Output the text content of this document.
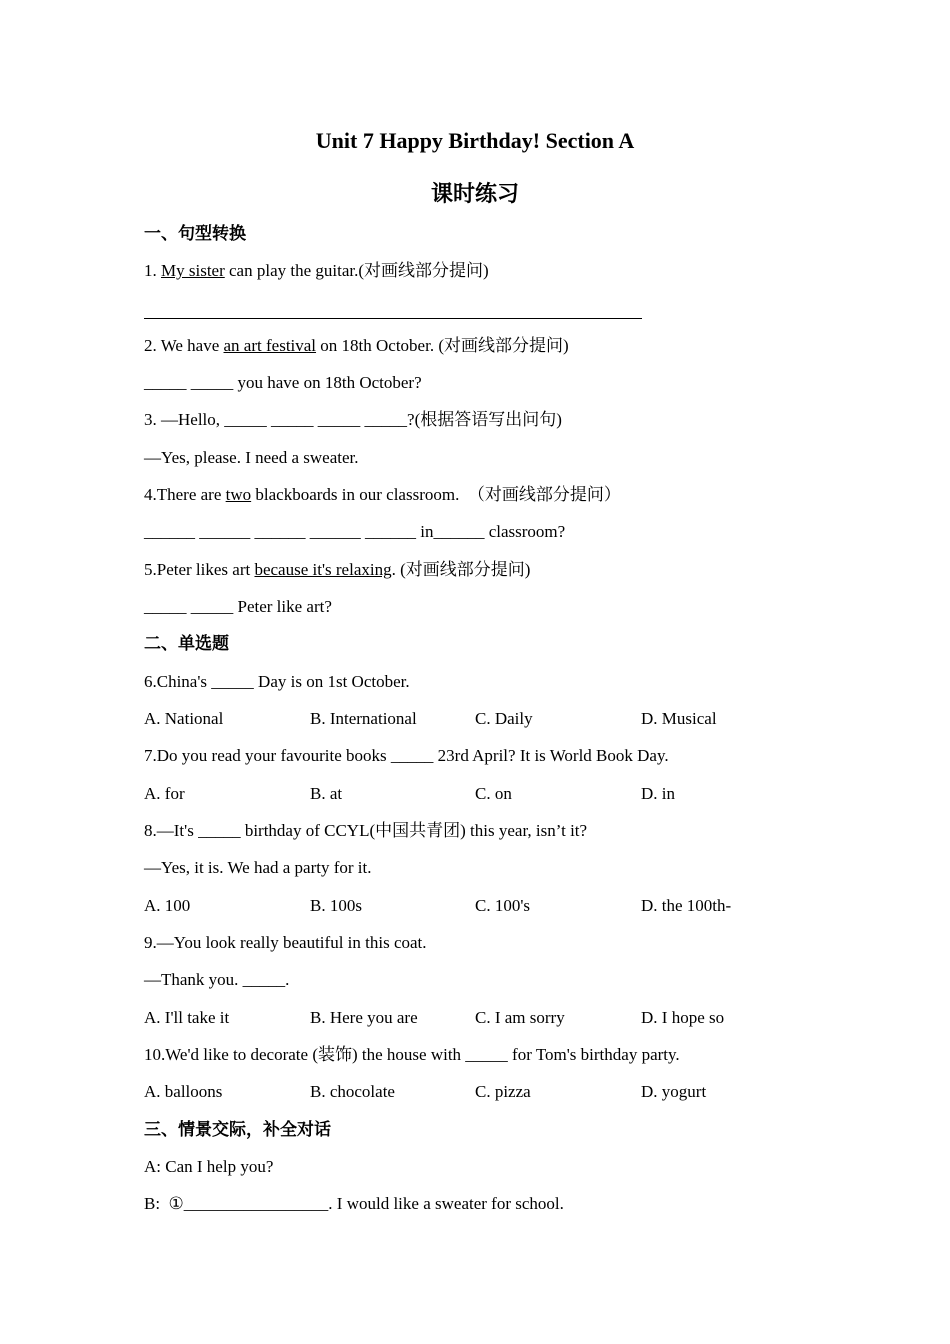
Unit 7 Happy Birthday! Section A
课时练习
一、句型转换
1. My sister can play the guitar.(对画线部分提问)
2. We have an art festival on 18th October. (对画线部分提问)
_____ _____ you have on 18th October?
3. —Hello, _____ _____ _____ _____?(根据答语写出问句)
—Yes, please. I need a sweater.
4.There are two blackboards in our classroom.  （对画线部分提问）
______ ______ ______ ______ ______ in______ classroom?
5.Peter likes art because it's relaxing. (对画线部分提问)
_____ _____ Peter like art?
二、单选题
6.China's _____ Day is on 1st October.
A. National	B. International	C. Daily	D. Musical
7.Do you read your favourite books _____ 23rd April? It is World Book Day.
A. for	B. at	C. on	D. in
8.—It's _____ birthday of CCYL(中国共青团) this year, isn’t it?
—Yes, it is. We had a party for it.
A. 100	B. 100s	C. 100's	D. the 100th-
9.—You look really beautiful in this coat.
—Thank you. _____.
A. I'll take it	B. Here you are	C. I am sorry	D. I hope so
10.We'd like to decorate (装饰) the house with _____ for Tom's birthday party.
A. balloons	B. chocolate	C. pizza	D. yogurt
三、情景交际，补全对话
A: Can I help you?
B:  ①_________________. I would like a sweater for school.
